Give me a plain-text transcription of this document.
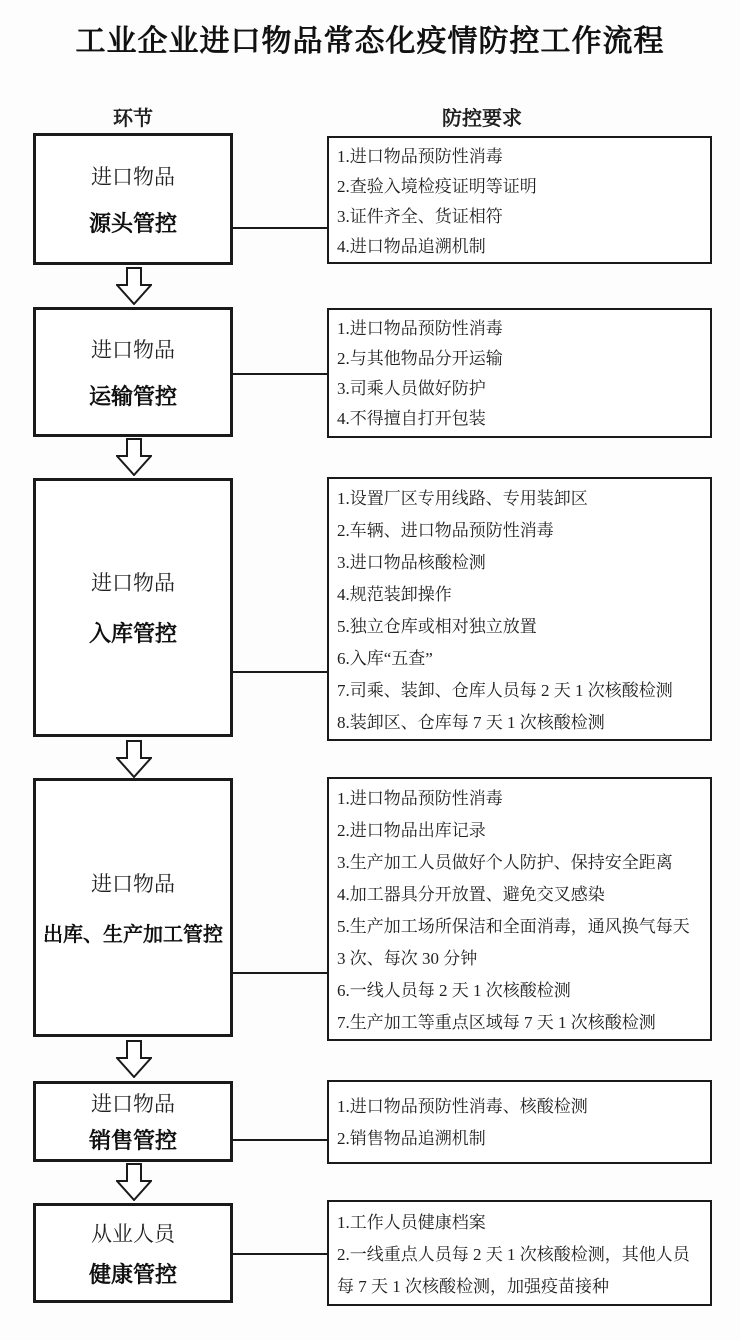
工业企业进口物品常态化疫情防控工作流程
环节	防控要求
进口物品
源头管控
进口物品
运输管控
进口物品
入库管控
进口物品
出库、生产加工管控
进口物品
销售管控
从业人员
健康管控
1.进口物品预防性消毒
2.查验入境检疫证明等证明
3.证件齐全、货证相符
4.进口物品追溯机制
1.进口物品预防性消毒
2.与其他物品分开运输
3.司乘人员做好防护
4.不得擅自打开包装
1.设置厂区专用线路、专用装卸区
2.车辆、进口物品预防性消毒
3.进口物品核酸检测
4.规范装卸操作
5.独立仓库或相对独立放置
6.入库“五查”
7.司乘、装卸、仓库人员每 2 天 1 次核酸检测
8.装卸区、仓库每 7 天 1 次核酸检测
1.进口物品预防性消毒
2.进口物品出库记录
3.生产加工人员做好个人防护、保持安全距离
4.加工器具分开放置、避免交叉感染
5.生产加工场所保洁和全面消毒，通风换气每天 3 次、每次 30 分钟
6.一线人员每 2 天 1 次核酸检测
7.生产加工等重点区域每 7 天 1 次核酸检测
1.进口物品预防性消毒、核酸检测
2.销售物品追溯机制
1.工作人员健康档案
2.一线重点人员每 2 天 1 次核酸检测，其他人员每 7 天 1 次核酸检测，加强疫苗接种
